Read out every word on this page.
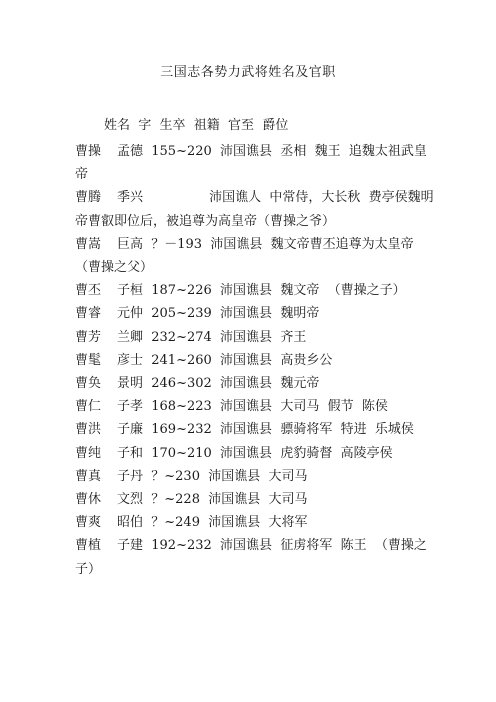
三国志各势力武将姓名及官职
姓名  字  生卒  祖籍  官至  爵位
曹操 孟德  155~220  沛国谯县  丞相  魏王  追魏太祖武皇帝
曹腾 季兴                沛国谯人  中常侍，大长秋  费亭侯魏明帝曹叡即位后，被追尊为高皇帝（曹操之爷）
曹嵩 巨高  ？－193  沛国谯县  魏文帝曹丕追尊为太皇帝 （曹操之父）
曹丕 子桓  187~226  沛国谯县  魏文帝  （曹操之子）
曹睿 元仲  205~239  沛国谯县  魏明帝
曹芳 兰卿  232~274  沛国谯县  齐王
曹髦 彦士  241~260  沛国谯县  高贵乡公
曹奂 景明  246~302  沛国谯县  魏元帝
曹仁 子孝  168~223  沛国谯县  大司马  假节  陈侯
曹洪 子廉  169~232  沛国谯县  骠骑将军  特进  乐城侯
曹纯 子和  170~210  沛国谯县  虎豹骑督  高陵亭侯
曹真 子丹  ？~230  沛国谯县  大司马
曹休 文烈  ？~228  沛国谯县  大司马
曹爽 昭伯  ？~249  沛国谯县  大将军
曹植 子建  192~232  沛国谯县  征虏将军  陈王  （曹操之子）
